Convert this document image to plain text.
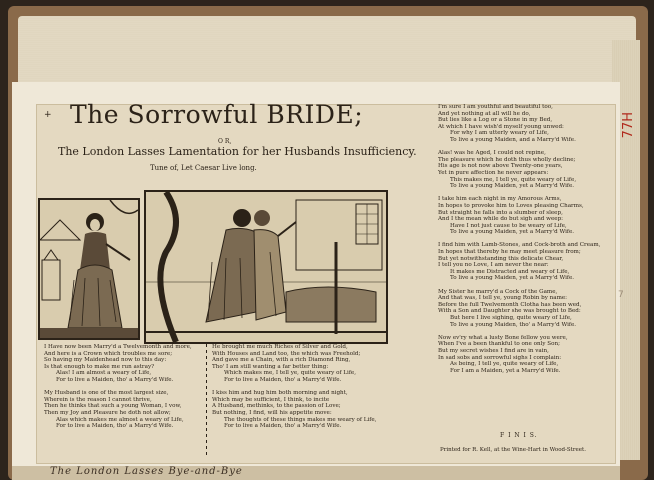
+ The Sorrowful BRIDE;
O R,
The London Lasses Lamentation for her Husbands Insufficiency.
Tune of, Let Caesar Live long.
I Have now been Marry'd a Twelvemonth and more,
And here is a Crown which troubles me sore;
So having my Maidenhead now to this day:
Is that enough to make me run astray?
Alas! I am almost a weary of Life,
For to live a Maiden, tho' a Marry'd Wife.
My Husband is one of the most largest size,
Wherein is the reason I cannot thrive,
Then he thinks that such a young Woman, I vow,
Then my Joy and Pleasure he doth not allow;
Alas which makes me almost a weary of Life,
For to live a Maiden, tho' a Marry'd Wife.
He brought me much Riches of Silver and Gold,
With Houses and Land too, the which was Freehold;
And gave me a Chain, with a rich Diamond Ring,
Tho' I am still wanting a far better thing:
Which makes me, I tell ye, quite weary of Life,
For to live a Maiden, tho' a Marry'd Wife.
I kiss him and hug him both morning and night,
Which may be sufficient, I think, to incite
A Husband, methinks, to the passion of Love;
But nothing, I find, will his appetite move:
The thoughts of these things makes me weary of Life,
For to live a Maiden, tho' a Marry'd Wife.
I'm sure I am youthful and beautiful too,
And yet nothing at all will he do,
But lies like a Log or a Stone in my Bed,
At which I have wish'd myself young unwed:
For why I am utterly weary of Life,
To live a young Maiden, and a Marry'd Wife.
Alas! was he Aged, I could not repine,
The pleasure which he doth thus wholly decline;
His age is not now above Twenty-one years,
Yet in pure affection he never appears:
This makes me, I tell ye, quite weary of Life,
To live a young Maiden, yet a Marry'd Wife.
I take him each night in my Amorous Arms,
In hopes to provoke him to Loves pleasing Charms,
But straight he falls into a slumber of sleep,
And I the mean while do but sigh and weep:
Have I not just cause to be weary of Life,
To live a young Maiden, yet a Marry'd Wife.
I find him with Lamb-Stones, and Cock-broth and Cream,
In hopes that thereby he may meet pleasure from;
But yet notwithstanding this delicate Chear,
I tell you no Love, I am never the near:
It makes me Distracted and weary of Life,
To live a young Maiden, yet a Marry'd Wife.
My Sister he marry'd a Cock of the Game,
And that was, I tell ye, young Robin by name:
Before the full Twelvemonth Clotha has been wed,
With a Son and Daughter she was brought to Bed:
But here I live sighing, quite weary of Life,
To live a young Maiden, tho' a Marry'd Wife.
Now ev'ry what a lusty Bone fellow you were,
When I've a been thankful to one only Son;
But my secret wishes I find are in vain,
In sad sobs and sorrowful sighs I complain:
As being, I tell ye, quite weary of Life,
For I am a Maiden, yet a Marry'd Wife.
F I N I S.
Printed for R. Kell, at the Wine-Hart in Wood-Street.
77H
7
The London Lasses Bye-and-Bye
